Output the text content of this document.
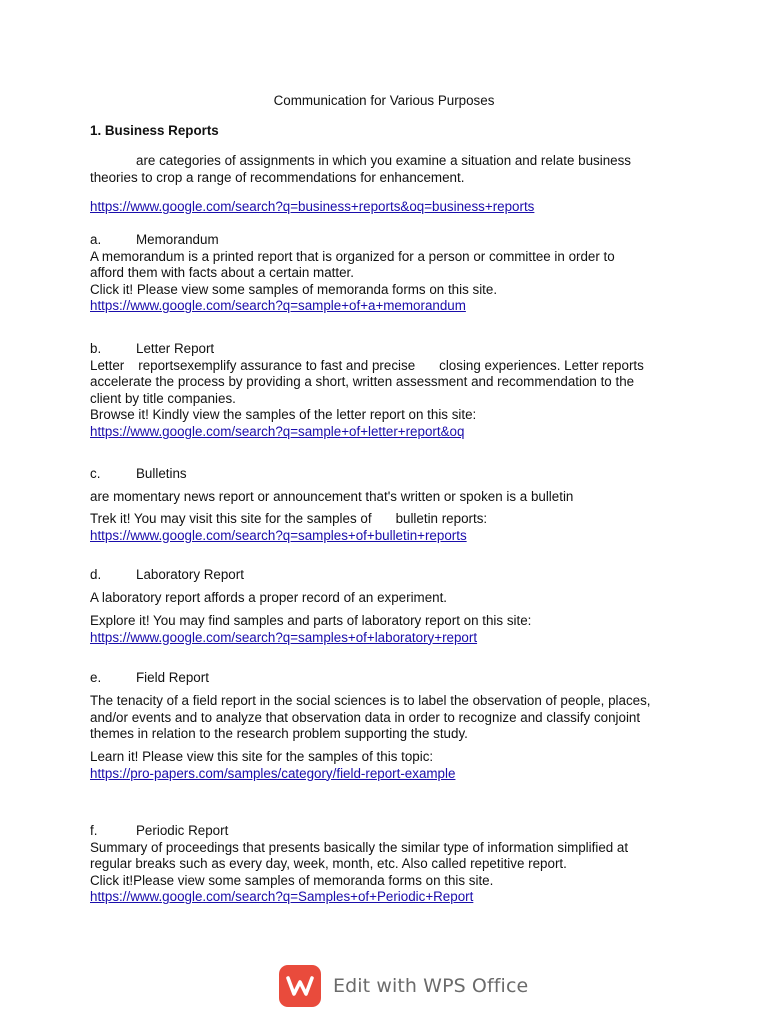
Communication for Various Purposes
1. Business Reports
are categories of assignments in which you examine a situation and relate business
theories to crop a range of recommendations for enhancement.
https://www.google.com/search?q=business+reports&oq=business+reports
a.	Memorandum
A memorandum is a printed report that is organized for a person or committee in order to
afford them with facts about a certain matter.
Click it! Please view some samples of memoranda forms on this site.
https://www.google.com/search?q=sample+of+a+memorandum
b.	Letter Report
Letter reportsexemplify assurance to fast and precise closing experiences. Letter reports
accelerate the process by providing a short, written assessment and recommendation to the
client by title companies.
Browse it! Kindly view the samples of the letter report on this site:
https://www.google.com/search?q=sample+of+letter+report&oq
c.	Bulletins
are momentary news report or announcement that's written or spoken is a bulletin
Trek it! You may visit this site for the samples of bulletin reports:
https://www.google.com/search?q=samples+of+bulletin+reports
d.	Laboratory Report
A laboratory report affords a proper record of an experiment.
Explore it! You may find samples and parts of laboratory report on this site:
https://www.google.com/search?q=samples+of+laboratory+report
e.	Field Report
The tenacity of a field report in the social sciences is to label the observation of people, places,
and/or events and to analyze that observation data in order to recognize and classify conjoint
themes in relation to the research problem supporting the study.
Learn it! Please view this site for the samples of this topic:
https://pro-papers.com/samples/category/field-report-example
f.	Periodic Report
Summary of proceedings that presents basically the similar type of information simplified at
regular breaks such as every day, week, month, etc. Also called repetitive report.
Click it!Please view some samples of memoranda forms on this site.
https://www.google.com/search?q=Samples+of+Periodic+Report
Edit with WPS Office
